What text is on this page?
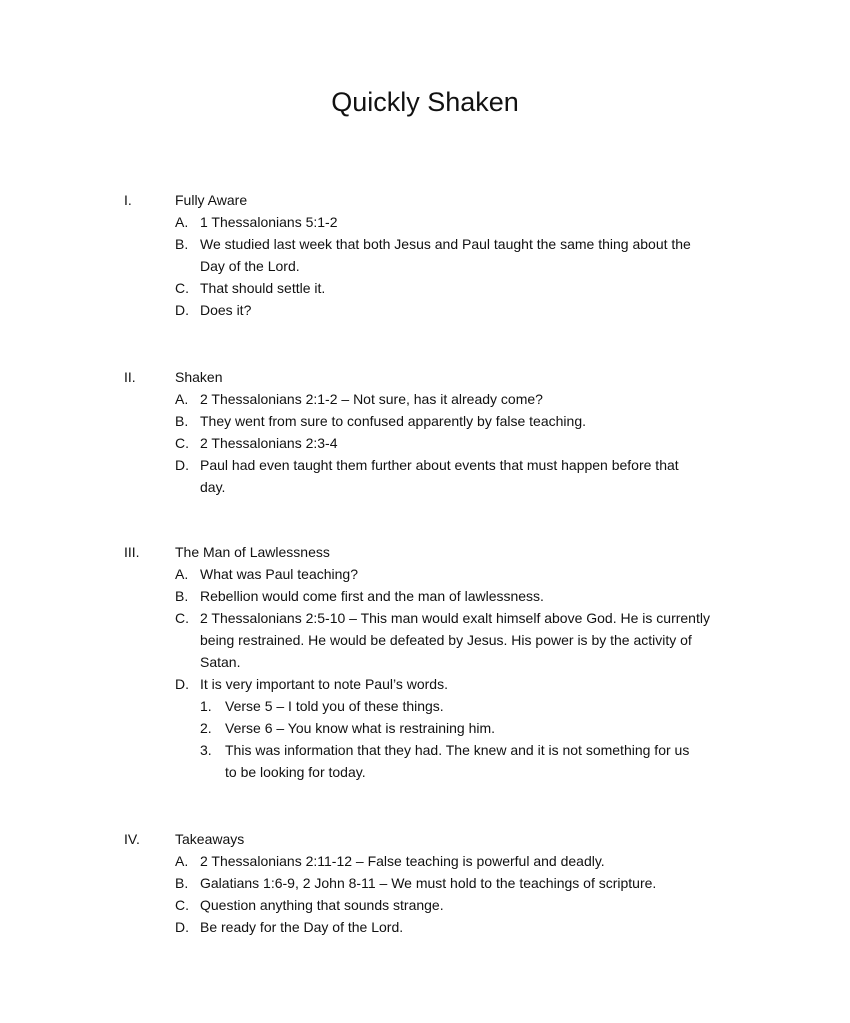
Quickly Shaken
I.	Fully Aware
A. 1 Thessalonians 5:1-2
B. We studied last week that both Jesus and Paul taught the same thing about the
Day of the Lord.
C. That should settle it.
D. Does it?
II.	Shaken
A. 2 Thessalonians 2:1-2 – Not sure, has it already come?
B. They went from sure to confused apparently by false teaching.
C. 2 Thessalonians 2:3-4
D. Paul had even taught them further about events that must happen before that
day.
III.	The Man of Lawlessness
A. What was Paul teaching?
B. Rebellion would come first and the man of lawlessness.
C. 2 Thessalonians 2:5-10 – This man would exalt himself above God. He is currently
being restrained. He would be defeated by Jesus. His power is by the activity of
Satan.
D. It is very important to note Paul’s words.
1. Verse 5 – I told you of these things.
2. Verse 6 – You know what is restraining him.
3. This was information that they had. The knew and it is not something for us
to be looking for today.
IV.	Takeaways
A. 2 Thessalonians 2:11-12 – False teaching is powerful and deadly.
B. Galatians 1:6-9, 2 John 8-11 – We must hold to the teachings of scripture.
C. Question anything that sounds strange.
D. Be ready for the Day of the Lord.
